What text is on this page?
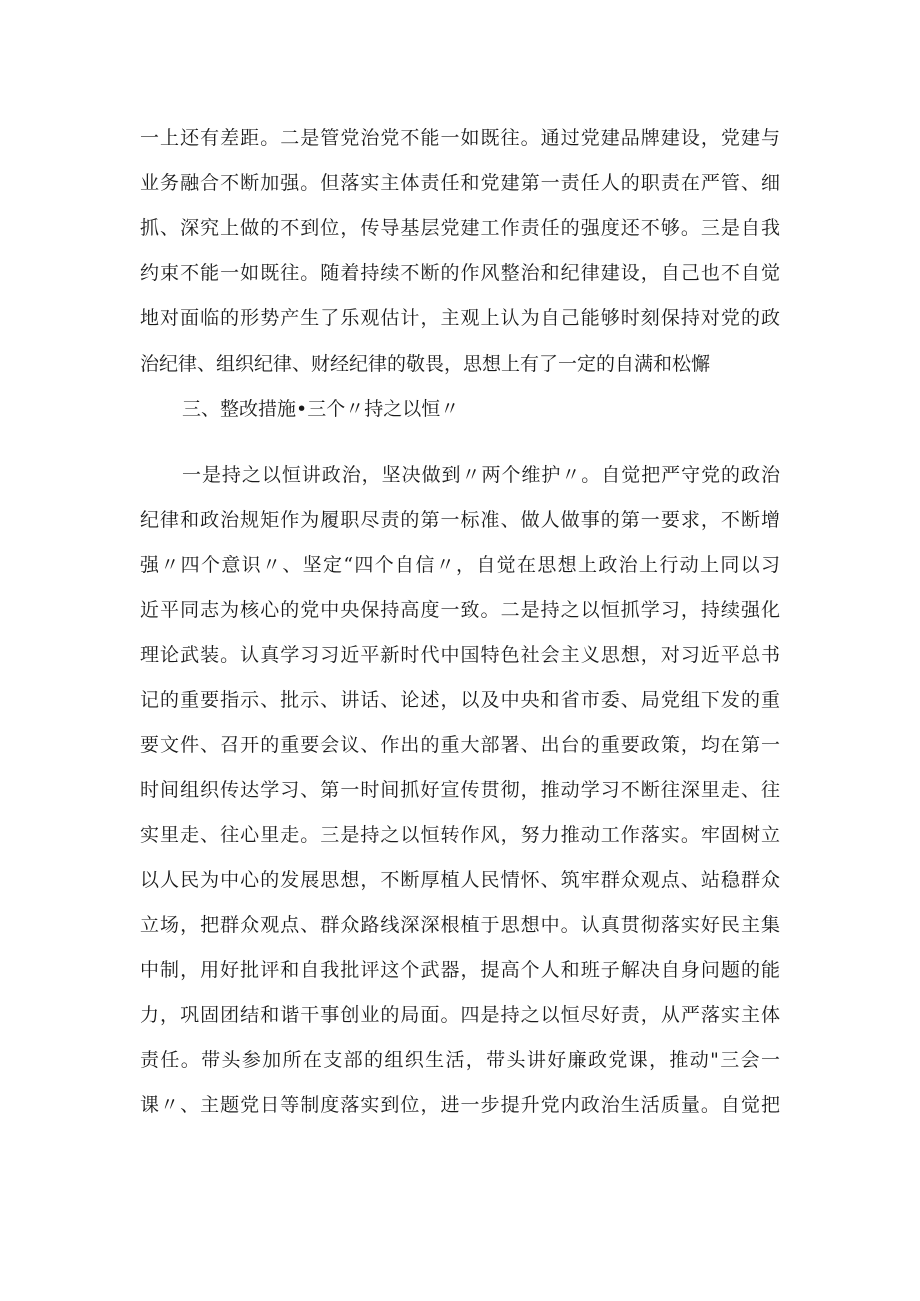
一上还有差距。二是管党治党不能一如既往。通过党建品牌建设，党建与
业务融合不断加强。但落实主体责任和党建第一责任人的职责在严管、细
抓、深究上做的不到位，传导基层党建工作责任的强度还不够。三是自我
约束不能一如既往。随着持续不断的作风整治和纪律建设，自己也不自觉
地对面临的形势产生了乐观估计，主观上认为自己能够时刻保持对党的政
治纪律、组织纪律、财经纪律的敬畏，思想上有了一定的自满和松懈
三、整改措施•三个〃持之以恒〃
一是持之以恒讲政治，坚决做到〃两个维护〃。自觉把严守党的政治
纪律和政治规矩作为履职尽责的第一标准、做人做事的第一要求，不断增
强〃四个意识〃、坚定“四个自信〃，自觉在思想上政治上行动上同以习
近平同志为核心的党中央保持高度一致。二是持之以恒抓学习，持续强化
理论武装。认真学习习近平新时代中国特色社会主义思想，对习近平总书
记的重要指示、批示、讲话、论述，以及中央和省市委、局党组下发的重
要文件、召开的重要会议、作出的重大部署、出台的重要政策，均在第一
时间组织传达学习、第一时间抓好宣传贯彻，推动学习不断往深里走、往
实里走、往心里走。三是持之以恒转作风，努力推动工作落实。牢固树立
以人民为中心的发展思想，不断厚植人民情怀、筑牢群众观点、站稳群众
立场，把群众观点、群众路线深深根植于思想中。认真贯彻落实好民主集
中制，用好批评和自我批评这个武器，提高个人和班子解决自身问题的能
力，巩固团结和谐干事创业的局面。四是持之以恒尽好责，从严落实主体
责任。带头参加所在支部的组织生活，带头讲好廉政党课，推动"三会一
课〃、主题党日等制度落实到位，进一步提升党内政治生活质量。自觉把
